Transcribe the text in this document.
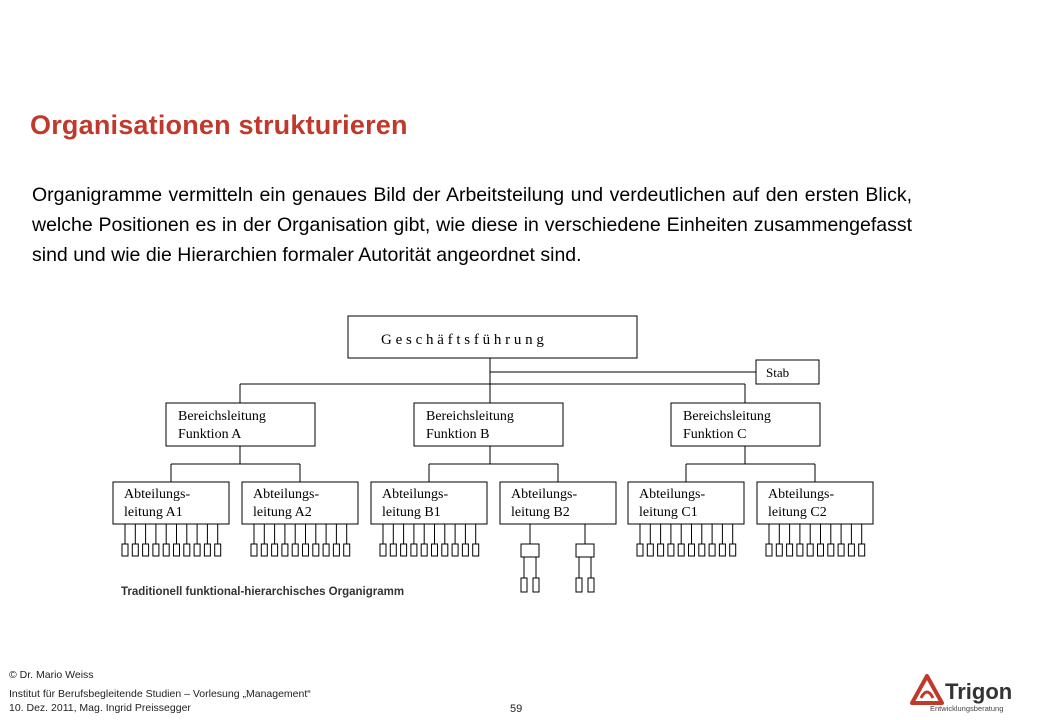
Organisationen strukturieren
Organigramme vermitteln ein genaues Bild der Arbeitsteilung und verdeutlichen auf den ersten Blick, welche Positionen es in der Organisation gibt, wie diese in verschiedene Einheiten zusammengefasst sind und wie die Hierarchien formaler Autorität angeordnet sind.
G e s c h ä f t s f ü h r u n g
Stab
Bereichsleitung
Funktion A
Bereichsleitung
Funktion B
Bereichsleitung
Funktion C
Abteilungs-
leitung A1
Abteilungs-
leitung A2
Abteilungs-
leitung B1
Abteilungs-
leitung B2
Abteilungs-
leitung C1
Abteilungs-
leitung C2
Traditionell funktional-hierarchisches Organigramm
© Dr. Mario Weiss
Institut für Berufsbegleitende Studien – Vorlesung „Management“
10. Dez. 2011, Mag. Ingrid Preissegger	59
Trigon
Entwicklungsberatung
